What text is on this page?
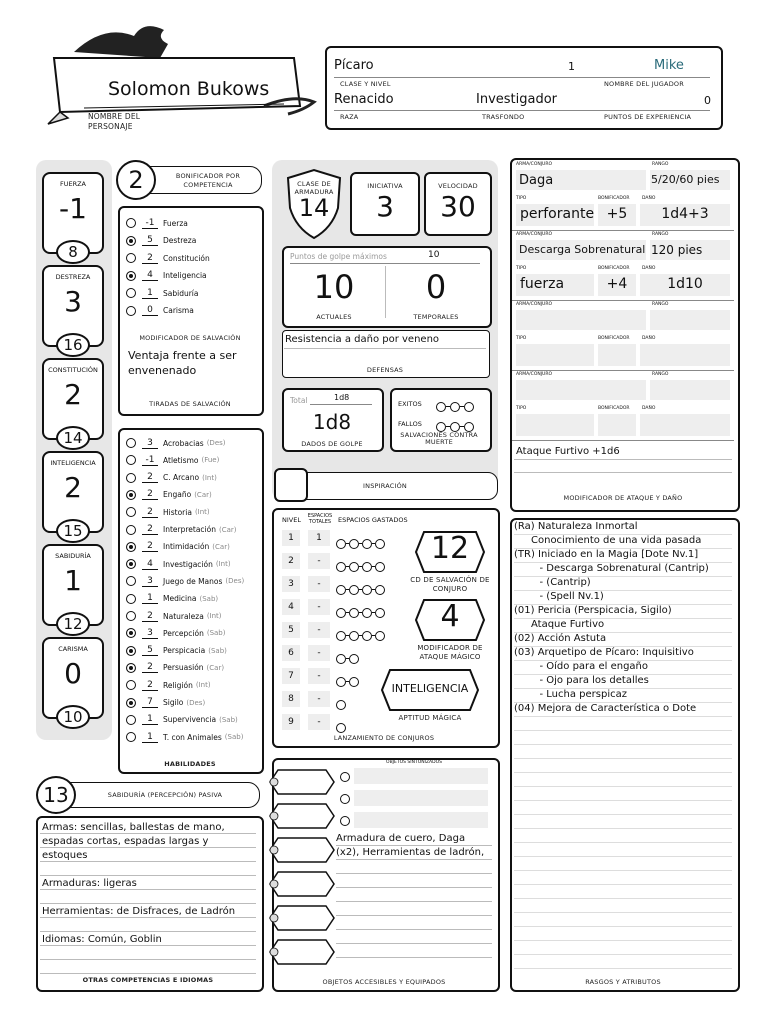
Solomon Bukows
NOMBRE DEL PERSONAJE
Pícaro	1	Mike
CLASE Y NIVEL	NOMBRE DEL JUGADOR
Renacido	Investigador	0
RAZA	TRASFONDO	PUNTOS DE EXPERIENCIA
FUERZA
-1
8
DESTREZA
3
16
CONSTITUCIÓN
2
14
INTELIGENCIA
2
15
SABIDURÍA
1
12
CARISMA
0
10
2	BONIFICADOR POR COMPETENCIA
-1	Fuerza
5	Destreza
2	Constitución
4	Inteligencia
1	Sabiduría
0	Carisma
MODIFICADOR DE SALVACIÓN
Ventaja frente a ser envenenado
TIRADAS DE SALVACIÓN
3	Acrobacias (Des)
-1	Atletismo (Fue)
2	C. Arcano (Int)
2	Engaño (Car)
2	Historia (Int)
2	Interpretación (Car)
2	Intimidación (Car)
4	Investigación (Int)
3	Juego de Manos (Des)
1	Medicina (Sab)
2	Naturaleza (Int)
3	Percepción (Sab)
5	Perspicacia (Sab)
2	Persuasión (Car)
2	Religión (Int)
7	Sigilo (Des)
1	Supervivencia (Sab)
1	T. con Animales (Sab)
HABILIDADES
13	SABIDURÍA (PERCEPCIÓN) PASIVA
Armas: sencillas, ballestas de mano,
espadas cortas, espadas largas y
estoques
Armaduras: ligeras
Herramientas: de Disfraces, de Ladrón
Idiomas: Común, Goblin
OTRAS COMPETENCIAS E IDIOMAS
CLASE DE ARMADURA
14
INICIATIVA
3
VELOCIDAD
30
Puntos de golpe máximos	10
10
ACTUALES
0
TEMPORALES
Resistencia a daño por veneno
DEFENSAS
Total	1d8
1d8
DADOS DE GOLPE
EXITOS
FALLOS
SALVACIONES CONTRA MUERTE
INSPIRACIÓN
NIVEL	ESPACIOS TOTALES	ESPACIOS GASTADOS
1	1
2	-
3	-
4	-
5	-
6	-
7	-
8	-
9	-
12
CD DE SALVACIÓN DE CONJURO
4
MODIFICADOR DE ATAQUE MÁGICO
INTELIGENCIA
APTITUD MÁGICA
LANZAMIENTO DE CONJUROS
OBJETOS SINTONIZADOS
Armadura de cuero, Daga
(x2), Herramientas de ladrón,
OBJETOS ACCESIBLES Y EQUIPADOS
ARMA/CONJURO	RANGO
Daga	5/20/60 pies
TIPO	BONIFICADOR	DAÑO
perforante +5	1d4+3
ARMA/CONJURO	RANGO
Descarga Sobrenatural 120 pies
TIPO	BONIFICADOR	DAÑO
fuerza	+4	1d10
ARMA/CONJURO	RANGO
TIPO	BONIFICADOR	DAÑO
ARMA/CONJURO	RANGO
TIPO	BONIFICADOR	DAÑO
Ataque Furtivo +1d6
MODIFICADOR DE ATAQUE Y DAÑO
(Ra) Naturaleza Inmortal
Conocimiento de una vida pasada
(TR) Iniciado en la Magia [Dote Nv.1]
- Descarga Sobrenatural (Cantrip)
- (Cantrip)
- (Spell Nv.1)
(01) Pericia (Perspicacia, Sigilo)
Ataque Furtivo
(02) Acción Astuta
(03) Arquetipo de Pícaro: Inquisitivo
- Oído para el engaño
- Ojo para los detalles
- Lucha perspicaz
(04) Mejora de Característica o Dote
RASGOS Y ATRIBUTOS
